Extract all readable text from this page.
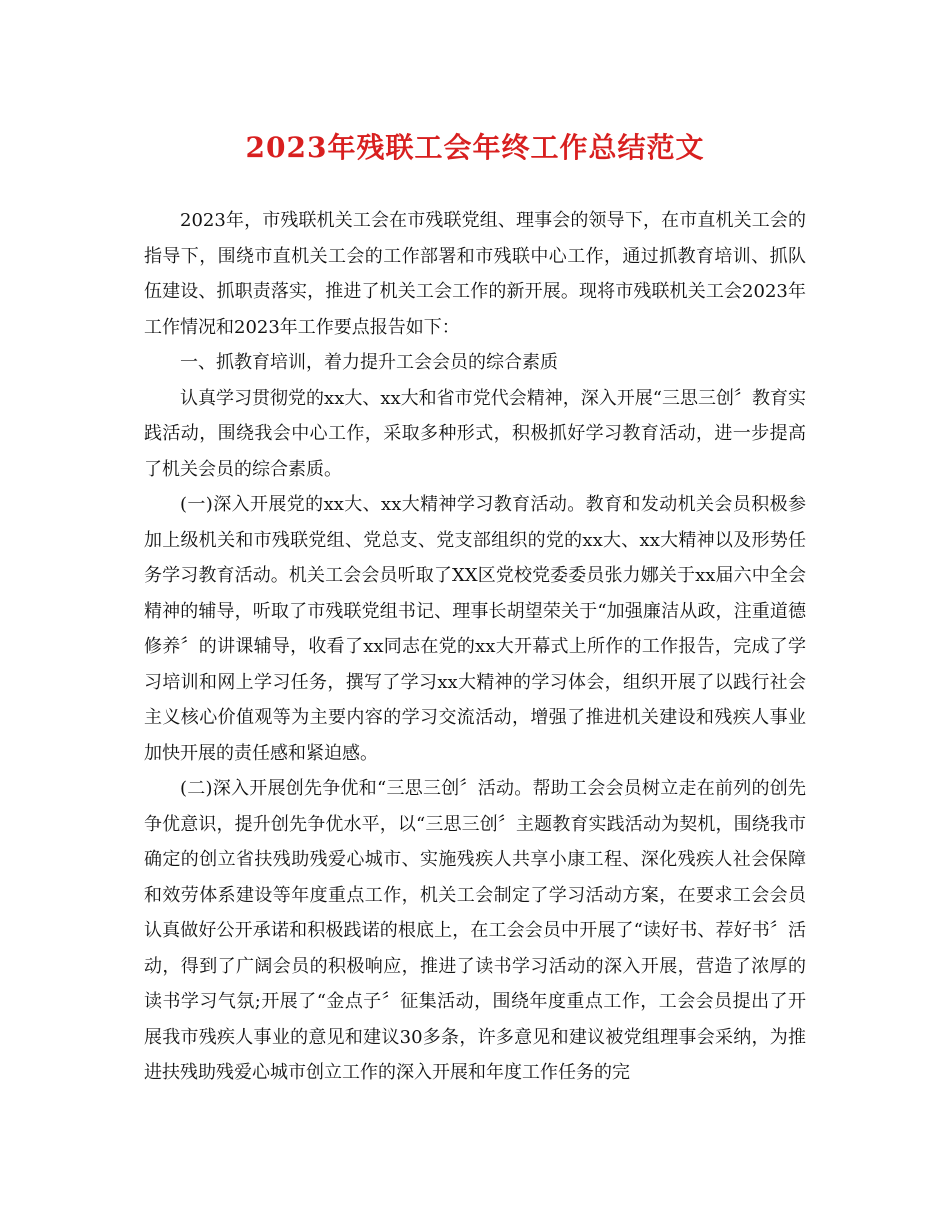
2023年残联工会年终工作总结范文

2023年，市残联机关工会在市残联党组、理事会的领导下，在市直机关工会的指导下，围绕市直机关工会的工作部署和市残联中心工作，通过抓教育培训、抓队伍建设、抓职责落实，推进了机关工会工作的新开展。现将市残联机关工会2023年工作情况和2023年工作要点报告如下：

一、抓教育培训，着力提升工会会员的综合素质

认真学习贯彻党的xx大、xx大和省市党代会精神，深入开展“三思三创〞教育实践活动，围绕我会中心工作，采取多种形式，积极抓好学习教育活动，进一步提高了机关会员的综合素质。

(一)深入开展党的xx大、xx大精神学习教育活动。教育和发动机关会员积极参加上级机关和市残联党组、党总支、党支部组织的党的xx大、xx大精神以及形势任务学习教育活动。机关工会会员听取了XX区党校党委委员张力娜关于xx届六中全会精神的辅导，听取了市残联党组书记、理事长胡望荣关于“加强廉洁从政，注重道德修养〞的讲课辅导，收看了xx同志在党的xx大开幕式上所作的工作报告，完成了学习培训和网上学习任务，撰写了学习xx大精神的学习体会，组织开展了以践行社会主义核心价值观等为主要内容的学习交流活动，增强了推进机关建设和残疾人事业加快开展的责任感和紧迫感。

(二)深入开展创先争优和“三思三创〞活动。帮助工会会员树立走在前列的创先争优意识，提升创先争优水平，以“三思三创〞主题教育实践活动为契机，围绕我市确定的创立省扶残助残爱心城市、实施残疾人共享小康工程、深化残疾人社会保障和效劳体系建设等年度重点工作，机关工会制定了学习活动方案，在要求工会会员认真做好公开承诺和积极践诺的根底上，在工会会员中开展了“读好书、荐好书〞活动，得到了广阔会员的积极响应，推进了读书学习活动的深入开展，营造了浓厚的读书学习气氛;开展了“金点子〞征集活动，围绕年度重点工作，工会会员提出了开展我市残疾人事业的意见和建议30多条，许多意见和建议被党组理事会采纳，为推进扶残助残爱心城市创立工作的深入开展和年度工作任务的完
